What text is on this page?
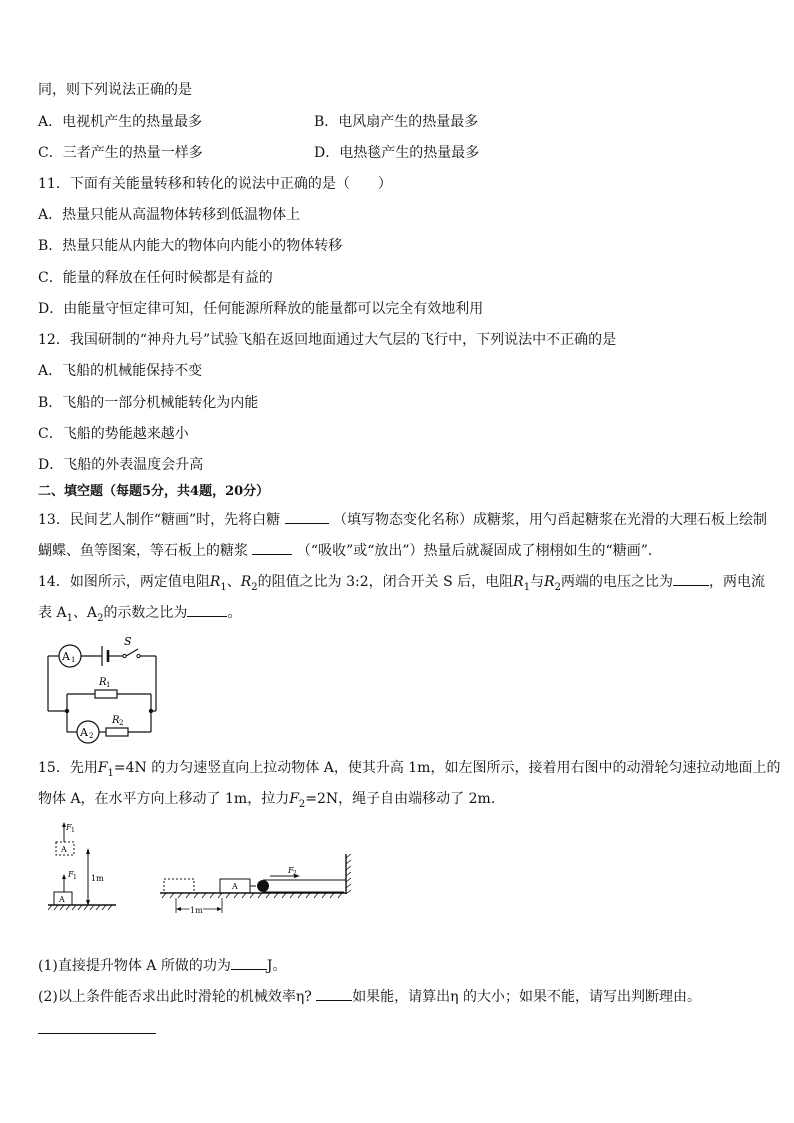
同，则下列说法正确的是
A．电视机产生的热量最多	B．电风扇产生的热量最多
C．三者产生的热量一样多	D．电热毯产生的热量最多
11．下面有关能量转移和转化的说法中正确的是（　　）
A．热量只能从高温物体转移到低温物体上
B．热量只能从内能大的物体向内能小的物体转移
C．能量的释放在任何时候都是有益的
D．由能量守恒定律可知，任何能源所释放的能量都可以完全有效地利用
12．我国研制的“神舟九号”试验飞船在返回地面通过大气层的飞行中，下列说法中不正确的是
A．飞船的机械能保持不变
B．飞船的一部分机械能转化为内能
C．飞船的势能越来越小
D．飞船的外表温度会升高
二、填空题（每题5分，共4题，20分）
13．民间艺人制作“糖画”时，先将白糖	（填写物态变化名称）成糖浆，用勺舀起糖浆在光滑的大理石板上绘制
蝴蝶、鱼等图案，等石板上的糖浆	（“吸收”或“放出”）热量后就凝固成了栩栩如生的“糖画”.
14．如图所示，两定值电阻$R_1$、$R_2$的阻值之比为 3:2，闭合开关 S 后，电阻$R_1$与$R_2$两端的电压之比为	，两电流
表 $A_1$、$A_2$的示数之比为	。
A 1
S
R 1
A 2
R 2
15．先用$F_1=4N$ 的力匀速竖直向上拉动物体 A，使其升高 1m，如左图所示，接着用右图中的动滑轮匀速拉动地面上的
物体 A，在水平方向上移动了 1m，拉力$F_2=2N$，绳子自由端移动了 2m.
F 1
A
1m
F 1
A
A
F 2
1m
(1)直接提升物体 A 所做的功为	J。
(2)以上条件能否求出此时滑轮的机械效率η?	如果能，请算出η 的大小；如果不能，请写出判断理由。
